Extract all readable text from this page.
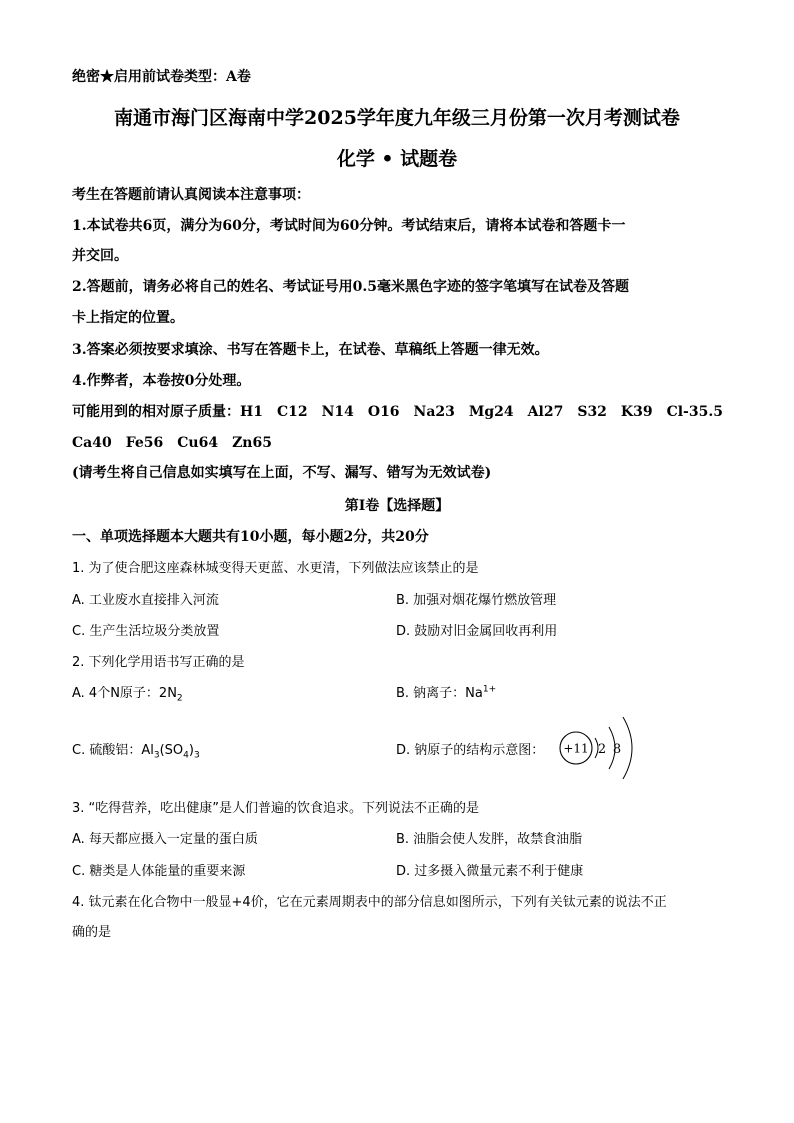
绝密★启用前试卷类型：A卷
南通市海门区海南中学2025学年度九年级三月份第一次月考测试卷
化学 • 试题卷
考生在答题前请认真阅读本注意事项：
1.本试卷共6页，满分为60分，考试时间为60分钟。考试结束后，请将本试卷和答题卡一
并交回。
2.答题前，请务必将自己的姓名、考试证号用0.5毫米黑色字迹的签字笔填写在试卷及答题
卡上指定的位置。
3.答案必须按要求填涂、书写在答题卡上，在试卷、草稿纸上答题一律无效。
4.作弊者，本卷按0分处理。
可能用到的相对原子质量：H1　C12　N14　O16　Na23　Mg24　Al27　S32　K39　Cl-35.5
Ca40　Fe56　Cu64　Zn65
(请考生将自己信息如实填写在上面，不写、漏写、错写为无效试卷)
第Ⅰ卷【选择题】
一、单项选择题本大题共有10小题，每小题2分，共20分
1. 为了使合肥这座森林城变得天更蓝、水更清，下列做法应该禁止的是
A. 工业废水直接排入河流	B. 加强对烟花爆竹燃放管理
C. 生产生活垃圾分类放置	D. 鼓励对旧金属回收再利用
2. 下列化学用语书写正确的是
A. 4个N原子：$2N_2$	B. 钠离子：$Na^{1+}$
C. 硫酸铝：$Al_3(SO_4)_3$	D. 钠原子的结构示意图： +11 2 8
3. “吃得营养，吃出健康”是人们普遍的饮食追求。下列说法不正确的是
A. 每天都应摄入一定量的蛋白质	B. 油脂会使人发胖，故禁食油脂
C. 糖类是人体能量的重要来源	D. 过多摄入微量元素不利于健康
4. 钛元素在化合物中一般显+4价，它在元素周期表中的部分信息如图所示，下列有关钛元素的说法不正
确的是
